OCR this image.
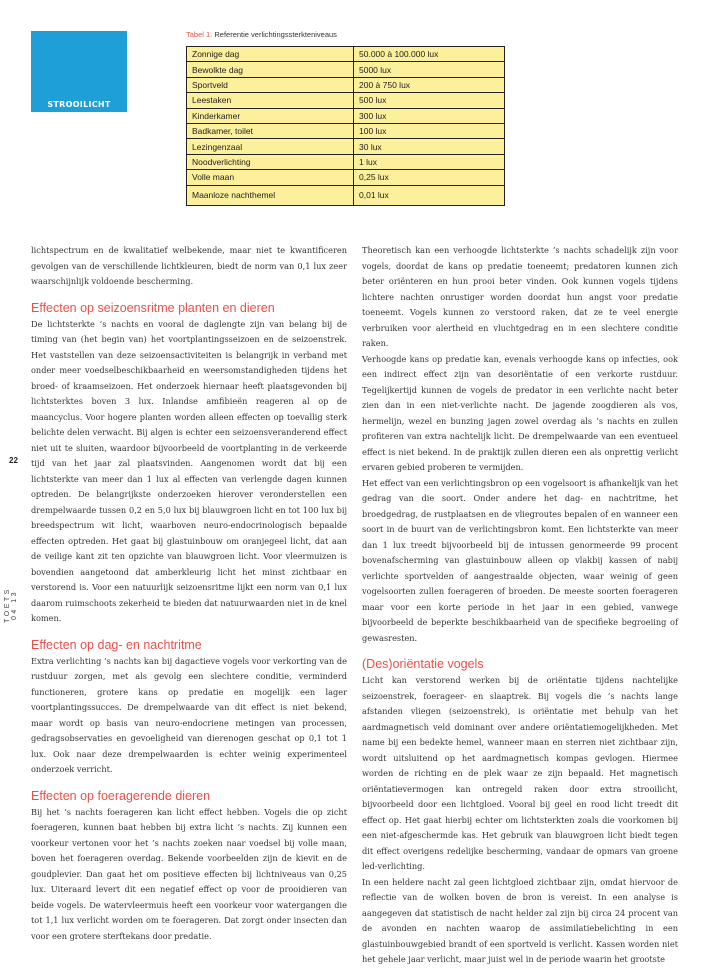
STROOILICHT
Tabel 1. Referentie verlichtingssterkteniveaus
Zonnige dag	50.000 à 100.000 lux
Bewolkte dag	5000 lux
Sportveld	200 à 750 lux
Leestaken	500 lux
Kinderkamer	300 lux
Badkamer, toilet	100 lux
Lezingenzaal	30 lux
Noodverlichting	1 lux
Volle maan	0,25 lux
Maanloze nachthemel	0,01 lux
22
TOETS 04 13

lichtspectrum en de kwalitatief welbekende, maar niet te kwantificeren gevolgen van de verschillende lichtkleuren, biedt de norm van 0,1 lux zeer waarschijnlijk voldoende bescherming.

Effecten op seizoensritme planten en dieren

De lichtsterkte ’s nachts en vooral de daglengte zijn van belang bij de timing van (het begin van) het voortplantingsseizoen en de seizoenstrek. Het vaststellen van deze seizoensactiviteiten is belangrijk in verband met onder meer voedselbeschikbaarheid en weersomstandigheden tijdens het broed- of kraamseizoen. Het onderzoek hiernaar heeft plaatsgevonden bij lichtsterktes boven 3 lux. Inlandse amfibieën reageren al op de maancyclus. Voor hogere planten worden alleen effecten op toevallig sterk belichte delen verwacht. Bij algen is echter een seizoensveranderend effect niet uit te sluiten, waardoor bijvoorbeeld de voortplanting in de verkeerde tijd van het jaar zal plaatsvinden. Aangenomen wordt dat bij een lichtsterkte van meer dan 1 lux al effecten van verlengde dagen kunnen optreden. De belangrijkste onderzoeken hierover veronderstellen een drempelwaarde tussen 0,2 en 5,0 lux bij blauwgroen licht en tot 100 lux bij breedspectrum wit licht, waarboven neuro-endocrinologisch bepaalde effecten optreden. Het gaat bij glastuinbouw om oranjegeel licht, dat aan de veilige kant zit ten opzichte van blauwgroen licht. Voor vleermuizen is bovendien aangetoond dat amberkleurig licht het minst zichtbaar en verstorend is. Voor een natuurlijk seizoensritme lijkt een norm van 0,1 lux daarom ruimschoots zekerheid te bieden dat natuurwaarden niet in de knel komen.

Effecten op dag- en nachtritme

Extra verlichting ’s nachts kan bij dagactieve vogels voor verkorting van de rustduur zorgen, met als gevolg een slechtere conditie, verminderd functioneren, grotere kans op predatie en mogelijk een lager voortplantingssucces. De drempelwaarde van dit effect is niet bekend, maar wordt op basis van neuro-endocriene metingen van processen, gedragsobservaties en gevoeligheid van dierenogen geschat op 0,1 tot 1 lux. Ook naar deze drempelwaarden is echter weinig experimenteel onderzoek verricht.

Effecten op foeragerende dieren

Bij het ’s nachts foerageren kan licht effect hebben. Vogels die op zicht foerageren, kunnen baat hebben bij extra licht ’s nachts. Zij kunnen een voorkeur vertonen voor het ’s nachts zoeken naar voedsel bij volle maan, boven het foerageren overdag. Bekende voorbeelden zijn de kievit en de goudplevier. Dan gaat het om positieve effecten bij lichtniveaus van 0,25 lux. Uiteraard levert dit een negatief effect op voor de prooidieren van beide vogels. De watervleermuis heeft een voorkeur voor watergangen die tot 1,1 lux verlicht worden om te foerageren. Dat zorgt onder insecten dan voor een grotere sterftekans door predatie.

Theoretisch kan een verhoogde lichtsterkte ’s nachts schadelijk zijn voor vogels, doordat de kans op predatie toeneemt; predatoren kunnen zich beter oriënteren en hun prooi beter vinden. Ook kunnen vogels tijdens lichtere nachten onrustiger worden doordat hun angst voor predatie toeneemt. Vogels kunnen zo verstoord raken, dat ze te veel energie verbruiken voor alertheid en vluchtgedrag en in een slechtere conditie raken.

Verhoogde kans op predatie kan, evenals verhoogde kans op infecties, ook een indirect effect zijn van desoriëntatie of een verkorte rustduur. Tegelijkertijd kunnen de vogels de predator in een verlichte nacht beter zien dan in een niet-verlichte nacht. De jagende zoogdieren als vos, hermelijn, wezel en bunzing jagen zowel overdag als ’s nachts en zullen profiteren van extra nachtelijk licht. De drempelwaarde van een eventueel effect is niet bekend. In de praktijk zullen dieren een als onprettig verlicht ervaren gebied proberen te vermijden.

Het effect van een verlichtingsbron op een vogelsoort is afhankelijk van het gedrag van die soort. Onder andere het dag- en nachtritme, het broedgedrag, de rustplaatsen en de vliegroutes bepalen of en wanneer een soort in de buurt van de verlichtingsbron komt. Een lichtsterkte van meer dan 1 lux treedt bijvoorbeeld bij de intussen genormeerde 99 procent bovenafscherming van glastuinbouw alleen op vlakbij kassen of nabij verlichte sportvelden of aangestraalde objecten, waar weinig of geen vogelsoorten zullen foerageren of broeden. De meeste soorten foerageren maar voor een korte periode in het jaar in een gebied, vanwege bijvoorbeeld de beperkte beschikbaarheid van de specifieke begroeiing of gewasresten.

(Des)oriëntatie vogels

Licht kan verstorend werken bij de oriëntatie tijdens nachtelijke seizoenstrek, foerageer- en slaaptrek. Bij vogels die ’s nachts lange afstanden vliegen (seizoenstrek), is oriëntatie met behulp van het aardmagnetisch veld dominant over andere oriëntatiemogelijkheden. Met name bij een bedekte hemel, wanneer maan en sterren niet zichtbaar zijn, wordt uitsluitend op het aardmagnetisch kompas gevlogen. Hiermee worden de richting en de plek waar ze zijn bepaald. Het magnetisch oriëntatievermogen kan ontregeld raken door extra strooilicht, bijvoorbeeld door een lichtgloed. Vooral bij geel en rood licht treedt dit effect op. Het gaat hierbij echter om lichtsterkten zoals die voorkomen bij een niet-afgeschermde kas. Het gebruik van blauwgroen licht biedt tegen dit effect overigens redelijke bescherming, vandaar de opmars van groene led-verlichting.

In een heldere nacht zal geen lichtgloed zichtbaar zijn, omdat hiervoor de reflectie van de wolken boven de bron is vereist. In een analyse is aangegeven dat statistisch de nacht helder zal zijn bij circa 24 procent van de avonden en nachten waarop de assimilatiebelichting in een glastuinbouwgebied brandt of een sportveld is verlicht. Kassen worden niet het gehele jaar verlicht, maar juist wel in de periode waarin het grootste
